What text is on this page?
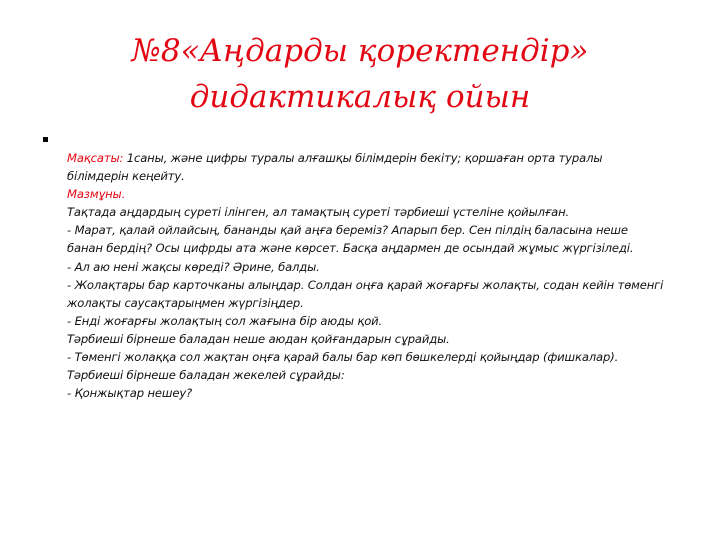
№8«Аңдарды қоректендір»
дидактикалық ойын

Мақсаты: 1саны, және цифры туралы алғашқы білімдерін бекіту; қоршаған орта туралы білімдерін кеңейту.

Мазмұны.

Тақтада аңдардың суреті ілінген, ал тамақтың суреті тәрбиеші үстеліне қойылған.

- Марат, қалай ойлайсың, бананды қай аңға береміз? Апарып бер. Сен пілдің баласына неше банан бердің? Осы цифрды ата және көрсет. Басқа аңдармен де осындай жұмыс жүргізіледі.

- Ал аю нені жақсы көреді? Әрине, балды.

- Жолақтары бар карточканы алыңдар. Солдан оңға қарай жоғарғы жолақты, содан кейін төменгі жолақты саусақтарыңмен жүргізіңдер.

- Енді жоғарғы жолақтың сол жағына бір аюды қой.

Тәрбиеші бірнеше баладан неше аюдан қойғандарын сұрайды.

- Төменгі жолаққа сол жақтан оңға қарай балы бар көп бөшкелерді қойыңдар (фишкалар).

Тәрбиеші бірнеше баладан жекелей сұрайды:

- Қонжықтар нешеу?
